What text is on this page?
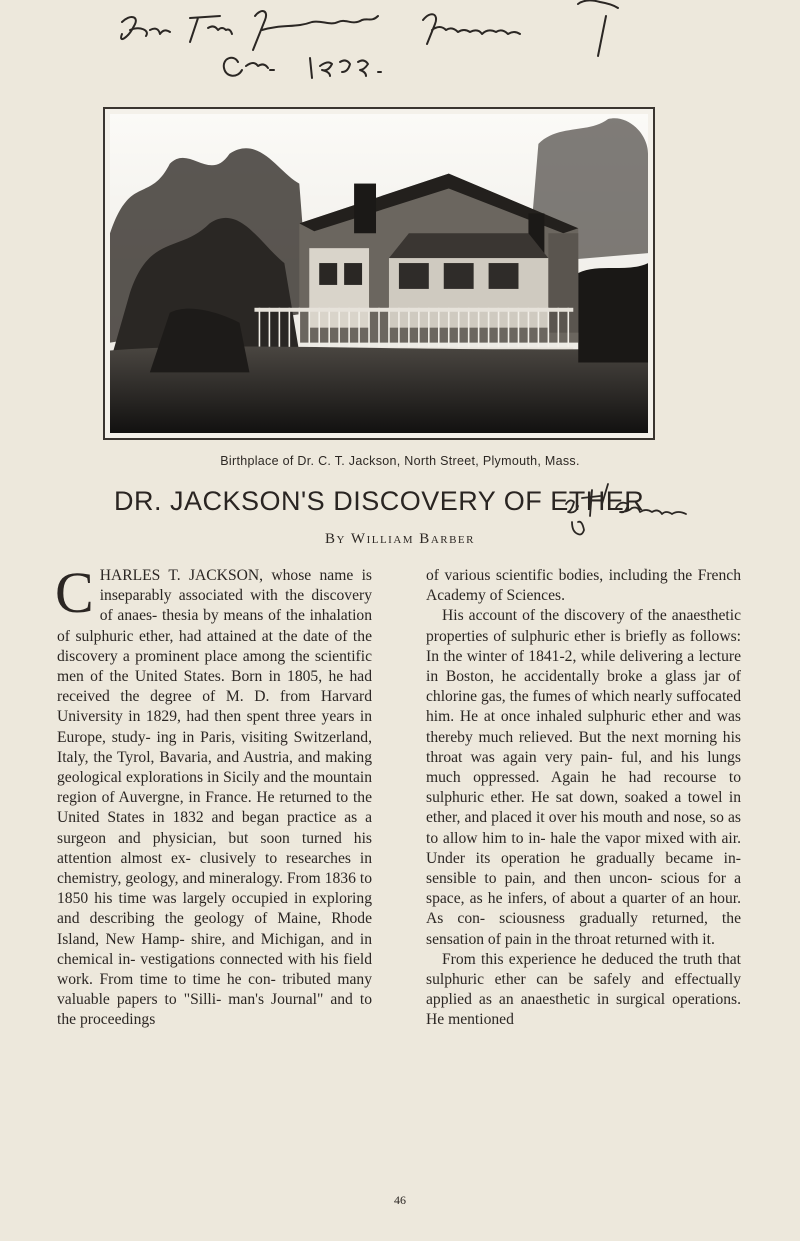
Birthplace of Dr. C. T. Jackson, North Street, Plymouth, Mass.
DR. JACKSON'S DISCOVERY OF ETHER
By William Barber

CHARLES T. JACKSON, whose name is inseparably associated with the discovery of anaes- thesia by means of the inhalation of sulphuric ether, had attained at the date of the discovery a prominent place among the scientific men of the United States. Born in 1805, he had received the degree of M. D. from Harvard University in 1829, had then spent three years in Europe, study- ing in Paris, visiting Switzerland, Italy, the Tyrol, Bavaria, and Austria, and making geological explorations in Sicily and the mountain region of Auvergne, in France. He returned to the United States in 1832 and began practice as a surgeon and physician, but soon turned his attention almost ex- clusively to researches in chemistry, geology, and mineralogy. From 1836 to 1850 his time was largely occupied in exploring and describing the geology of Maine, Rhode Island, New Hamp- shire, and Michigan, and in chemical in- vestigations connected with his field work. From time to time he con- tributed many valuable papers to "Silli- man's Journal" and to the proceedings

of various scientific bodies, including the French Academy of Sciences.

His account of the discovery of the anaesthetic properties of sulphuric ether is briefly as follows: In the winter of 1841-2, while delivering a lecture in Boston, he accidentally broke a glass jar of chlorine gas, the fumes of which nearly suffocated him. He at once inhaled sulphuric ether and was thereby much relieved. But the next morning his throat was again very pain- ful, and his lungs much oppressed. Again he had recourse to sulphuric ether. He sat down, soaked a towel in ether, and placed it over his mouth and nose, so as to allow him to in- hale the vapor mixed with air. Under its operation he gradually became in- sensible to pain, and then uncon- scious for a space, as he infers, of about a quarter of an hour. As con- sciousness gradually returned, the sensation of pain in the throat returned with it.

From this experience he deduced the truth that sulphuric ether can be safely and effectually applied as an anaesthetic in surgical operations. He mentioned

46
